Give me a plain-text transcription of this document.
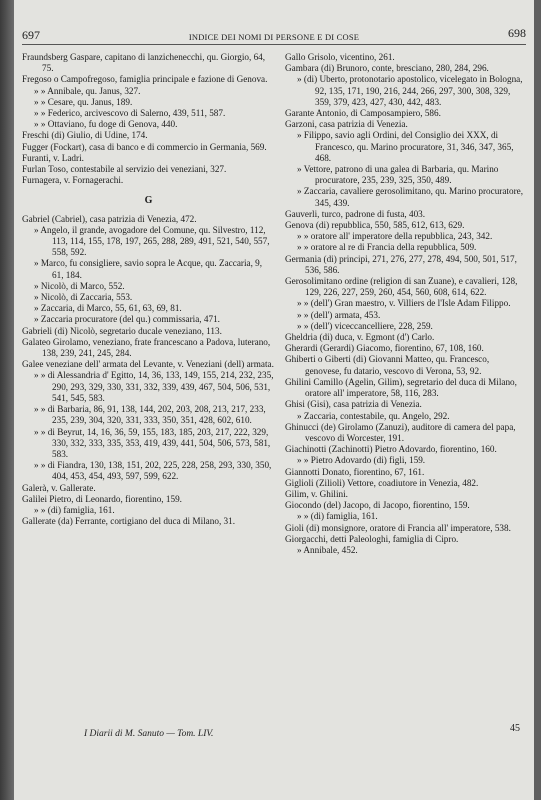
697	INDICE DEI NOMI DI PERSONE E DI COSE	698
Fraundsberg Gaspare, capitano di lanzichenecchi, qu. Giorgio, 64, 75.
Fregoso o Campofregoso, famiglia principale e fazione di Genova.
» » Annibale, qu. Janus, 327.
» » Cesare, qu. Janus, 189.
» » Federico, arcivescovo di Salerno, 439, 511, 587.
» » Ottaviano, fu doge di Genova, 440.
Freschi (di) Giulio, di Udine, 174.
Fugger (Fockart), casa di banco e di commercio in Germania, 569.
Furanti, v. Ladri.
Furlan Toso, contestabile al servizio dei veneziani, 327.
Furnagera, v. Fornagerachi.
G
Gabriel (Cabriel), casa patrizia di Venezia, 472.
» Angelo, il grande, avogadore del Comune, qu. Silvestro, 112, 113, 114, 155, 178, 197, 265, 288, 289, 491, 521, 540, 557, 558, 592.
» Marco, fu consigliere, savio sopra le Acque, qu. Zaccaria, 9, 61, 184.
» Nicolò, di Marco, 552.
» Nicolò, di Zaccaria, 553.
» Zaccaria, di Marco, 55, 61, 63, 69, 81.
» Zaccaria procuratore (del qu.) commissaria, 471.
Gabrieli (di) Nicolò, segretario ducale veneziano, 113.
Galateo Girolamo, veneziano, frate francescano a Padova, luterano, 138, 239, 241, 245, 284.
Galee veneziane dell' armata del Levante, v. Veneziani (dell) armata.
» » di Alessandria d' Egitto, 14, 36, 133, 149, 155, 214, 232, 235, 290, 293, 329, 330, 331, 332, 339, 439, 467, 504, 506, 531, 541, 545, 583.
» » di Barbaria, 86, 91, 138, 144, 202, 203, 208, 213, 217, 233, 235, 239, 304, 320, 331, 333, 350, 351, 428, 602, 610.
» » di Beyrut, 14, 16, 36, 59, 155, 183, 185, 203, 217, 222, 329, 330, 332, 333, 335, 353, 419, 439, 441, 504, 506, 573, 581, 583.
» » di Fiandra, 130, 138, 151, 202, 225, 228, 258, 293, 330, 350, 404, 453, 454, 493, 597, 599, 622.
Galerà, v. Gallerate.
Galilei Pietro, di Leonardo, fiorentino, 159.
» » (di) famiglia, 161.
Gallerate (da) Ferrante, cortigiano del duca di Milano, 31.
Gallo Grisolo, vicentino, 261.
Gambara (di) Brunoro, conte, bresciano, 280, 284, 296.
» (di) Uberto, protonotario apostolico, vicelegato in Bologna, 92, 135, 171, 190, 216, 244, 266, 297, 300, 308, 329, 359, 379, 423, 427, 430, 442, 483.
Garante Antonio, di Camposampiero, 586.
Garzoni, casa patrizia di Venezia.
» Filippo, savio agli Ordini, del Consiglio dei XXX, di Francesco, qu. Marino procuratore, 31, 346, 347, 365, 468.
» Vettore, patrono di una galea di Barbaria, qu. Marino procuratore, 235, 239, 325, 350, 489.
» Zaccaria, cavaliere gerosolimitano, qu. Marino procuratore, 345, 439.
Gauverli, turco, padrone di fusta, 403.
Genova (di) repubblica, 550, 585, 612, 613, 629.
» » oratore all' imperatore della repubblica, 243, 342.
» » oratore al re di Francia della repubblica, 509.
Germania (di) principi, 271, 276, 277, 278, 494, 500, 501, 517, 536, 586.
Gerosolimitano ordine (religion di san Zuane), e cavalieri, 128, 129, 226, 227, 259, 260, 454, 560, 608, 614, 622.
» » (dell') Gran maestro, v. Villiers de l'Isle Adam Filippo.
» » (dell') armata, 453.
» » (dell') viceccancelliere, 228, 259.
Gheldria (di) duca, v. Egmont (d') Carlo.
Gherardi (Gerardi) Giacomo, fiorentino, 67, 108, 160.
Ghiberti o Giberti (di) Giovanni Matteo, qu. Francesco, genovese, fu datario, vescovo di Verona, 53, 92.
Ghilini Camillo (Agelin, Gilim), segretario del duca di Milano, oratore all' imperatore, 58, 116, 283.
Ghisi (Gisi), casa patrizia di Venezia.
» Zaccaria, contestabile, qu. Angelo, 292.
Ghinucci (de) Girolamo (Zanuzi), auditore di camera del papa, vescovo di Worcester, 191.
Giachinotti (Zachinotti) Pietro Adovardo, fiorentino, 160.
» » Pietro Adovardo (di) figli, 159.
Giannotti Donato, fiorentino, 67, 161.
Giglioli (Zilioli) Vettore, coadiutore in Venezia, 482.
Gilim, v. Ghilini.
Giocondo (del) Jacopo, di Jacopo, fiorentino, 159.
» » (di) famiglia, 161.
Gioli (di) monsignore, oratore di Francia all' imperatore, 538.
Giorgacchi, detti Paleologhi, famiglia di Cipro.
» Annibale, 452.
I Diarii di M. Sanuto — Tom. LIV.	45
